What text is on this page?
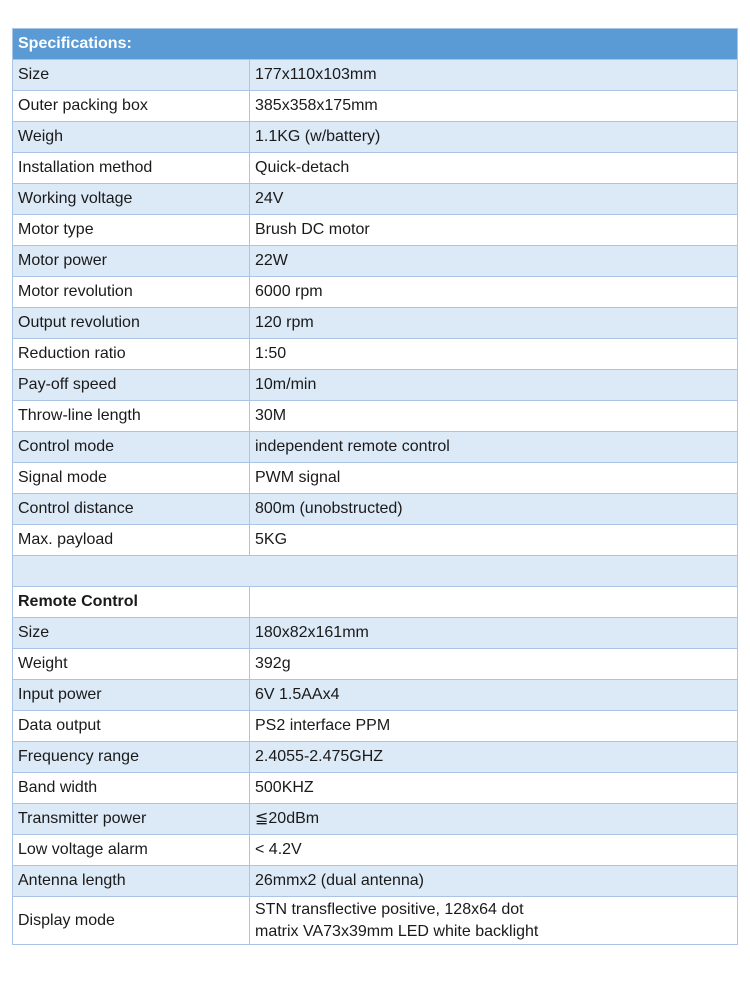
Specifications:	
Size	177x110x103mm
Outer packing box	385x358x175mm
Weigh	1.1KG (w/battery)
Installation method	Quick-detach
Working voltage	24V
Motor type	Brush DC motor
Motor power	22W
Motor revolution	6000 rpm
Output revolution	120 rpm
Reduction ratio	1:50
Pay-off speed	10m/min
Throw-line length	30M
Control mode	independent remote control
Signal mode	PWM signal
Control distance	800m (unobstructed)
Max. payload	5KG

Remote Control	
Size	180x82x161mm
Weight	392g
Input power	6V 1.5AAx4
Data output	PS2 interface PPM
Frequency range	2.4055-2.475GHZ
Band width	500KHZ
Transmitter power	≦20dBm
Low voltage alarm	< 4.2V
Antenna length	26mmx2 (dual antenna)
Display mode	STN transflective positive, 128x64 dot
matrix VA73x39mm LED white backlight
